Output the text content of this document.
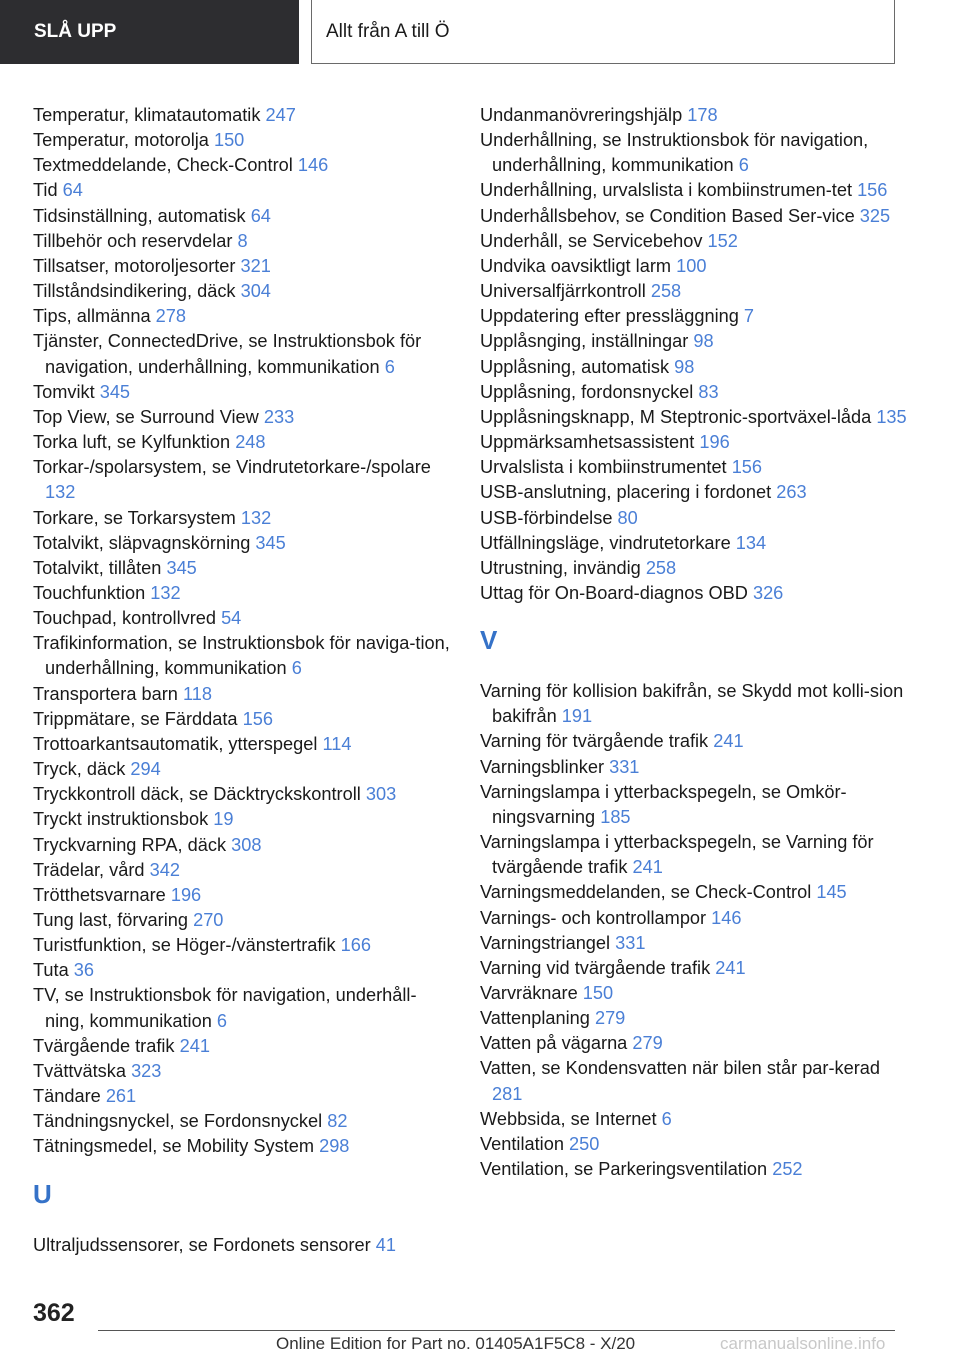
SLÅ UPP	Allt från A till Ö
Temperatur, klimatautomatik 247
Temperatur, motorolja 150
Textmeddelande, Check-Control 146
Tid 64
Tidsinställning, automatisk 64
Tillbehör och reservdelar 8
Tillsatser, motoroljesorter 321
Tillståndsindikering, däck 304
Tips, allmänna 278
Tjänster, ConnectedDrive, se Instruktionsbok för navigation, underhållning, kommunikation 6
Tomvikt 345
Top View, se Surround View 233
Torka luft, se Kylfunktion 248
Torkar-/spolarsystem, se Vindrutetorkare-/spolare 132
Torkare, se Torkarsystem 132
Totalvikt, släpvagnskörning 345
Totalvikt, tillåten 345
Touchfunktion 132
Touchpad, kontrollvred 54
Trafikinformation, se Instruktionsbok för naviga-tion, underhållning, kommunikation 6
Transportera barn 118
Trippmätare, se Färddata 156
Trottoarkantsautomatik, ytterspegel 114
Tryck, däck 294
Tryckkontroll däck, se Däcktryckskontroll 303
Tryckt instruktionsbok 19
Tryckvarning RPA, däck 308
Trädelar, vård 342
Trötthetsvarnare 196
Tung last, förvaring 270
Turistfunktion, se Höger-/vänstertrafik 166
Tuta 36
TV, se Instruktionsbok för navigation, underhåll-ning, kommunikation 6
Tvärgående trafik 241
Tvättvätska 323
Tändare 261
Tändningsnyckel, se Fordonsnyckel 82
Tätningsmedel, se Mobility System 298
U
Ultraljudssensorer, se Fordonets sensorer 41
Undanmanövreringshjälp 178
Underhållning, se Instruktionsbok för navigation, underhållning, kommunikation 6
Underhållning, urvalslista i kombiinstrumen-tet 156
Underhållsbehov, se Condition Based Ser-vice 325
Underhåll, se Servicebehov 152
Undvika oavsiktligt larm 100
Universalfjärrkontroll 258
Uppdatering efter pressläggning 7
Upplåsnging, inställningar 98
Upplåsning, automatisk 98
Upplåsning, fordonsnyckel 83
Upplåsningsknapp, M Steptronic-sportväxel-låda 135
Uppmärksamhetsassistent 196
Urvalslista i kombiinstrumentet 156
USB-anslutning, placering i fordonet 263
USB-förbindelse 80
Utfällningsläge, vindrutetorkare 134
Utrustning, invändig 258
Uttag för On-Board-diagnos OBD 326
V
Varning för kollision bakifrån, se Skydd mot kolli-sion bakifrån 191
Varning för tvärgående trafik 241
Varningsblinker 331
Varningslampa i ytterbackspegeln, se Omkör-ningsvarning 185
Varningslampa i ytterbackspegeln, se Varning för tvärgående trafik 241
Varningsmeddelanden, se Check-Control 145
Varnings- och kontrollampor 146
Varningstriangel 331
Varning vid tvärgående trafik 241
Varvräknare 150
Vattenplaning 279
Vatten på vägarna 279
Vatten, se Kondensvatten när bilen står par-kerad 281
Webbsida, se Internet 6
Ventilation 250
Ventilation, se Parkeringsventilation 252
362
Online Edition for Part no. 01405A1F5C8 - X/20	carmanualsonline.info
